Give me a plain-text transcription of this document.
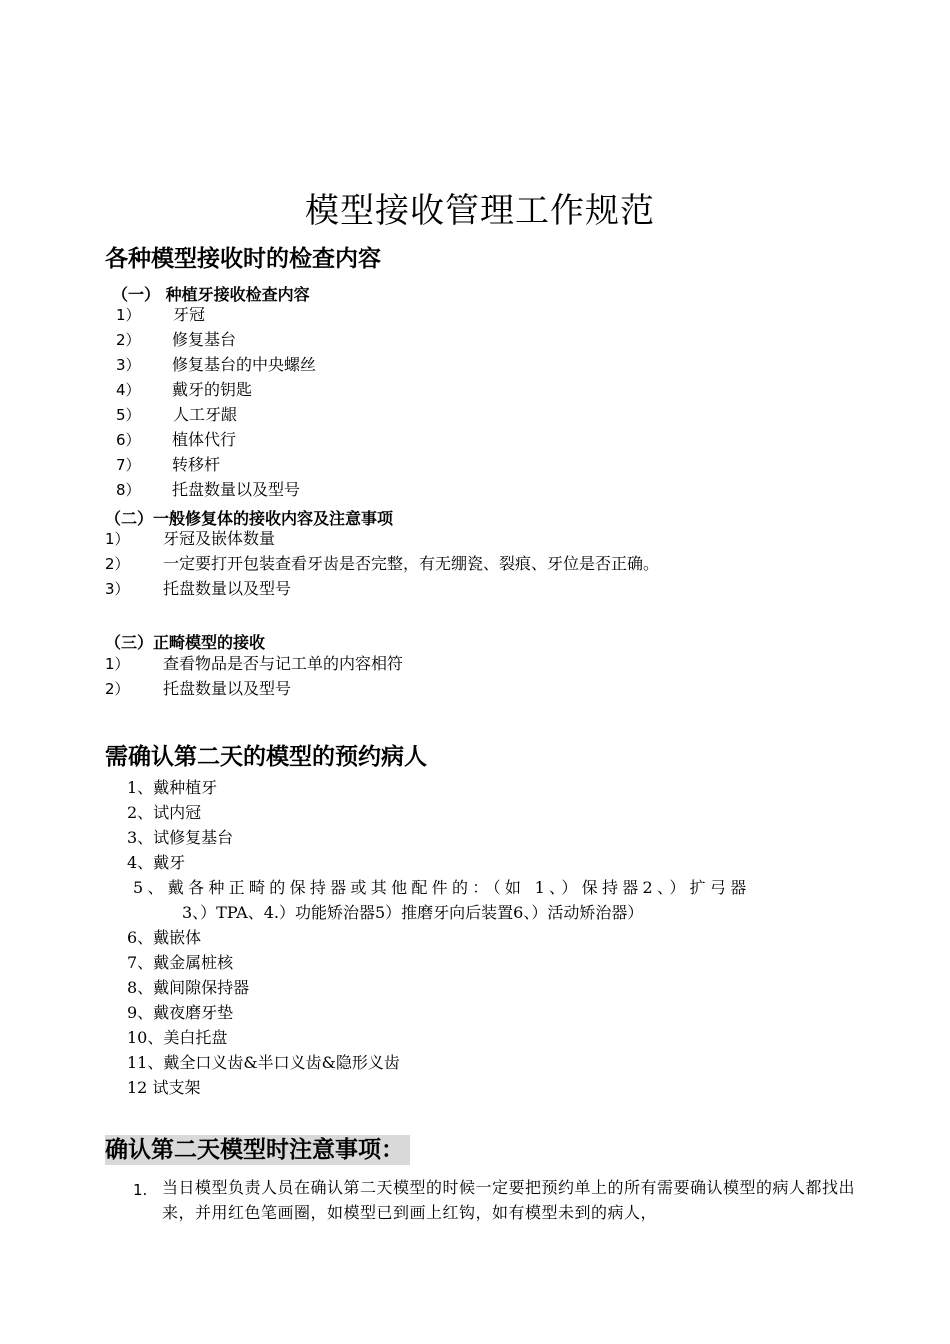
模型接收管理工作规范
各种模型接收时的检查内容
（一） 种植牙接收检查内容
1） 牙冠
2） 修复基台
3） 修复基台的中央螺丝
4） 戴牙的钥匙
5） 人工牙龈
6） 植体代行
7） 转移杆
8） 托盘数量以及型号
（二）一般修复体的接收内容及注意事项
1） 牙冠及嵌体数量
2） 一定要打开包装查看牙齿是否完整，有无绷瓷、裂痕、牙位是否正确。
3） 托盘数量以及型号
（三）正畸模型的接收
1） 查看物品是否与记工单的内容相符
2） 托盘数量以及型号
需确认第二天的模型的预约病人
1、戴种植牙
2、试内冠
3、试修复基台
4、戴牙
5、戴各种正畸的保持器或其他配件的：（如 1、）保持器2、）扩弓器
3、）TPA、4.）功能矫治器5）推磨牙向后装置6、）活动矫治器）
6、戴嵌体
7、戴金属桩核
8、戴间隙保持器
9、戴夜磨牙垫
10、美白托盘
11、戴全口义齿&半口义齿&隐形义齿
12 试支架
确认第二天模型时注意事项：
1. 当日模型负责人员在确认第二天模型的时候一定要把预约单上的所有需要确认模型的病人都找出来，并用红色笔画圈，如模型已到画上红钩，如有模型未到的病人，
